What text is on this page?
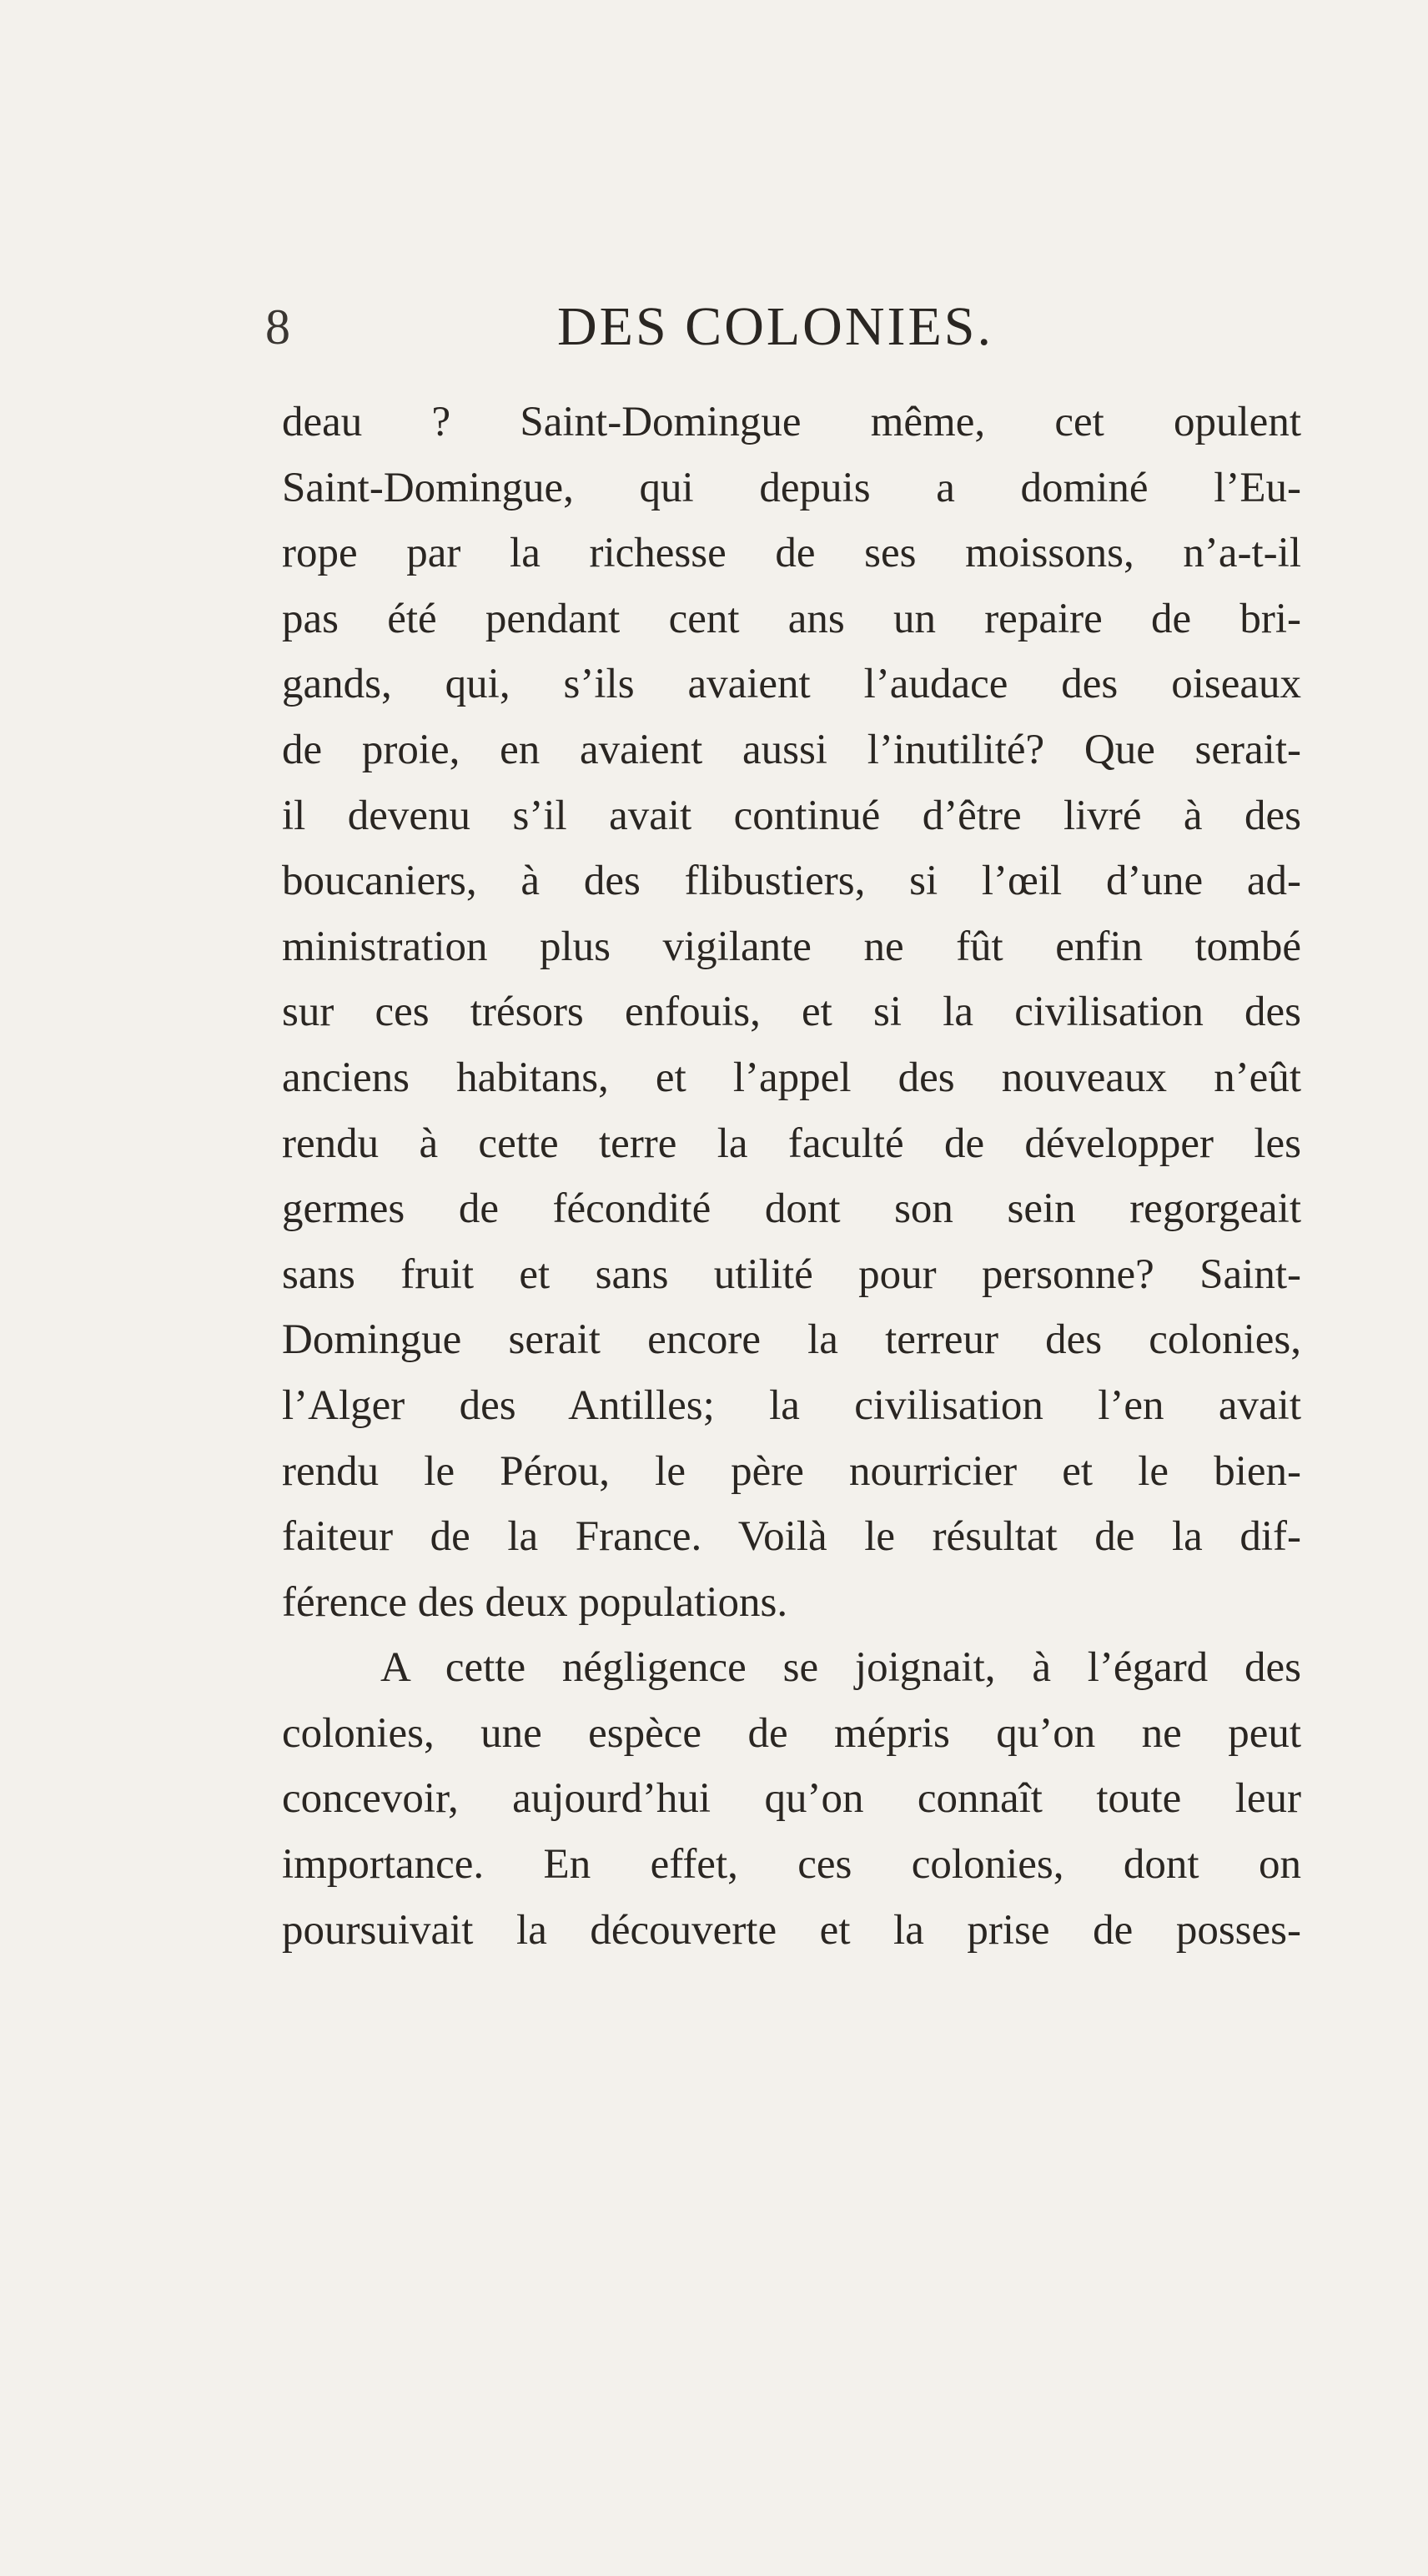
8	DES COLONIES.
deau ? Saint-Domingue même, cet opulent
Saint-Domingue, qui depuis a dominé l’Eu-
rope par la richesse de ses moissons, n’a-t-il
pas été pendant cent ans un repaire de bri-
gands, qui, s’ils avaient l’audace des oiseaux
de proie, en avaient aussi l’inutilité? Que serait-
il devenu s’il avait continué d’être livré à des
boucaniers, à des flibustiers, si l’œil d’une ad-
ministration plus vigilante ne fût enfin tombé
sur ces trésors enfouis, et si la civilisation des
anciens habitans, et l’appel des nouveaux n’eût
rendu à cette terre la faculté de développer les
germes de fécondité dont son sein regorgeait
sans fruit et sans utilité pour personne? Saint-
Domingue serait encore la terreur des colonies,
l’Alger des Antilles; la civilisation l’en avait
rendu le Pérou, le père nourricier et le bien-
faiteur de la France. Voilà le résultat de la dif-
férence des deux populations.
A cette négligence se joignait, à l’égard des
colonies, une espèce de mépris qu’on ne peut
concevoir, aujourd’hui qu’on connaît toute leur
importance. En effet, ces colonies, dont on
poursuivait la découverte et la prise de posses-
